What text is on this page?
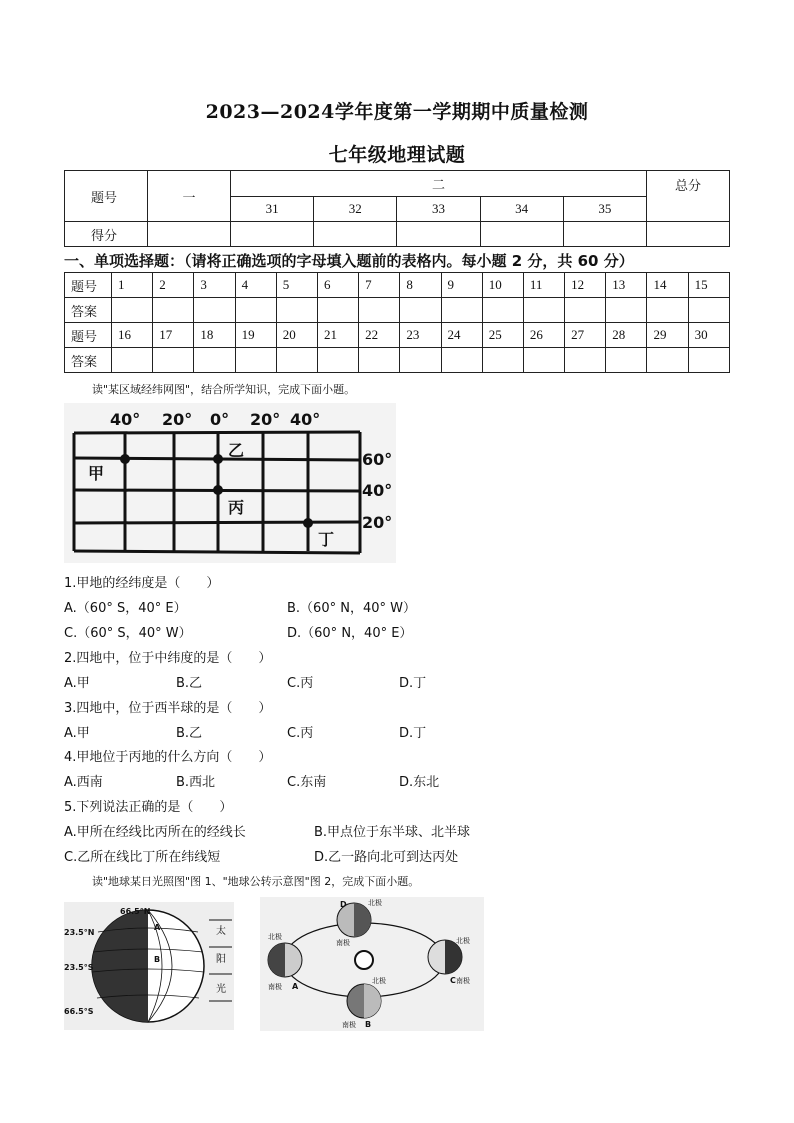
2023—2024学年度第一学期期中质量检测
七年级地理试题
题号	一	二					总分
		31	32	33	34	35	
得分							
一、单项选择题：（请将正确选项的字母填入题前的表格内。每小题 2 分，共 60 分）
题号	1	2	3	4	5	6	7	8	9	10	11	12	13	14	15
答案															
题号	16	17	18	19	20	21	22	23	24	25	26	27	28	29	30
答案															
读"某区域经纬网图"，结合所学知识，完成下面小题。
40° 20° 0° 20° 40°
60°
40°
20°
甲
乙
丙
丁
1.甲地的经纬度是（　　）
A.（60° S，40° E）	B.（60° N，40° W）
C.（60° S，40° W）	D.（60° N，40° E）
2.四地中，位于中纬度的是（　　）
A.甲	B.乙	C.丙	D.丁
3.四地中，位于西半球的是（　　）
A.甲	B.乙	C.丙	D.丁
4.甲地位于丙地的什么方向（　　）
A.西南	B.西北	C.东南	D.东北
5.下列说法正确的是（　　）
A.甲所在经线比丙所在的经线长	B.甲点位于东半球、北半球
C.乙所在线比丁所在纬线短	D.乙一路向北可到达丙处
读"地球某日光照图"图 1、"地球公转示意图"图 2，完成下面小题。
66.5°N
23.5°N
23.5°S
66.5°S
A
B
太
阳
光
北极
南极
北极
南极
北极
南极
北极
南极
D
A
B
C
